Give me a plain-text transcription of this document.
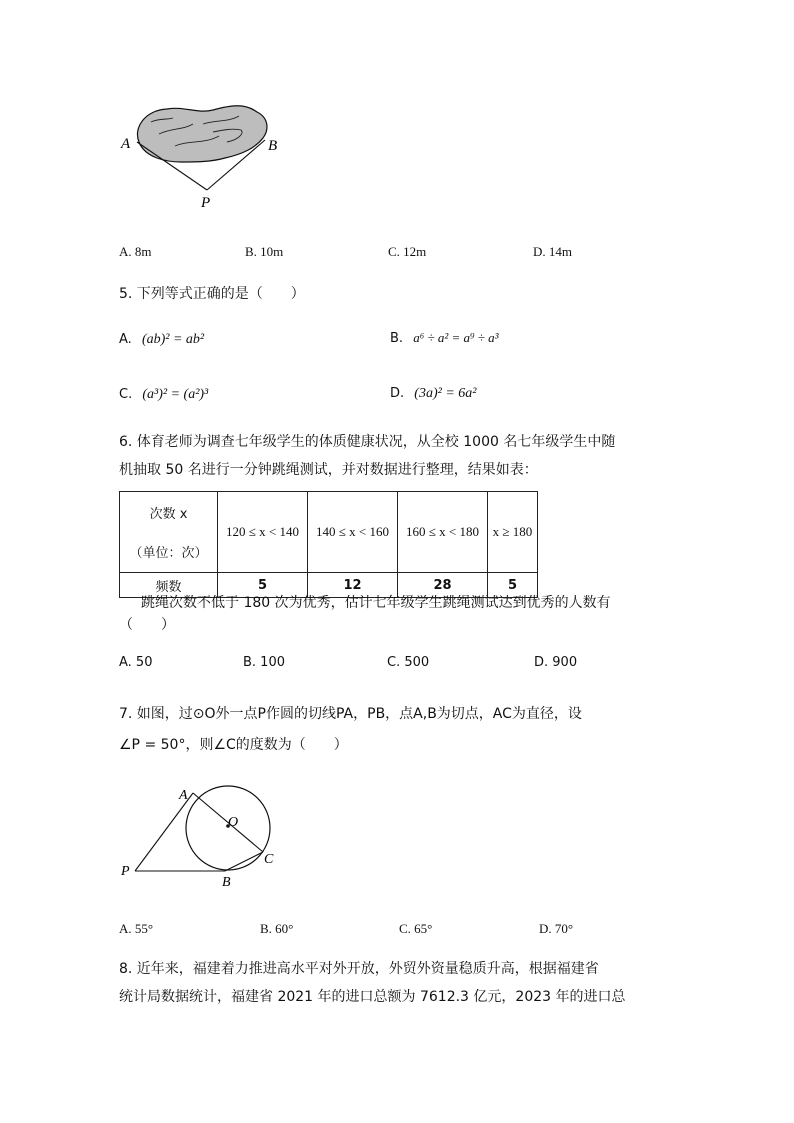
A	B
P
A. 8m	B. 10m	C. 12m	D. 14m
5. 下列等式正确的是（　　）
A. (ab)² = ab²	B. a⁶ ÷ a² = a⁹ ÷ a³
C. (a³)² = (a²)³	D. (3a)² = 6a²
6. 体育老师为调查七年级学生的体质健康状况，从全校 1000 名七年级学生中随
机抽取 50 名进行一分钟跳绳测试，并对数据进行整理，结果如表：
次数 x
（单位：次）	120 ≤ x < 140	140 ≤ x < 160	160 ≤ x < 180	x ≥ 180
频数	5	12	28	5
跳绳次数不低于 180 次为优秀，估计七年级学生跳绳测试达到优秀的人数有
（　　）
A. 50	B. 100	C. 500	D. 900
7. 如图，过⊙O外一点P作圆的切线PA，PB，点A,B为切点，AC为直径，设
∠P = 50°，则∠C的度数为（　　）
A
O
P
B
C
A. 55°	B. 60°	C. 65°	D. 70°
8. 近年来，福建着力推进高水平对外开放，外贸外资量稳质升高，根据福建省
统计局数据统计，福建省 2021 年的进口总额为 7612.3 亿元，2023 年的进口总
